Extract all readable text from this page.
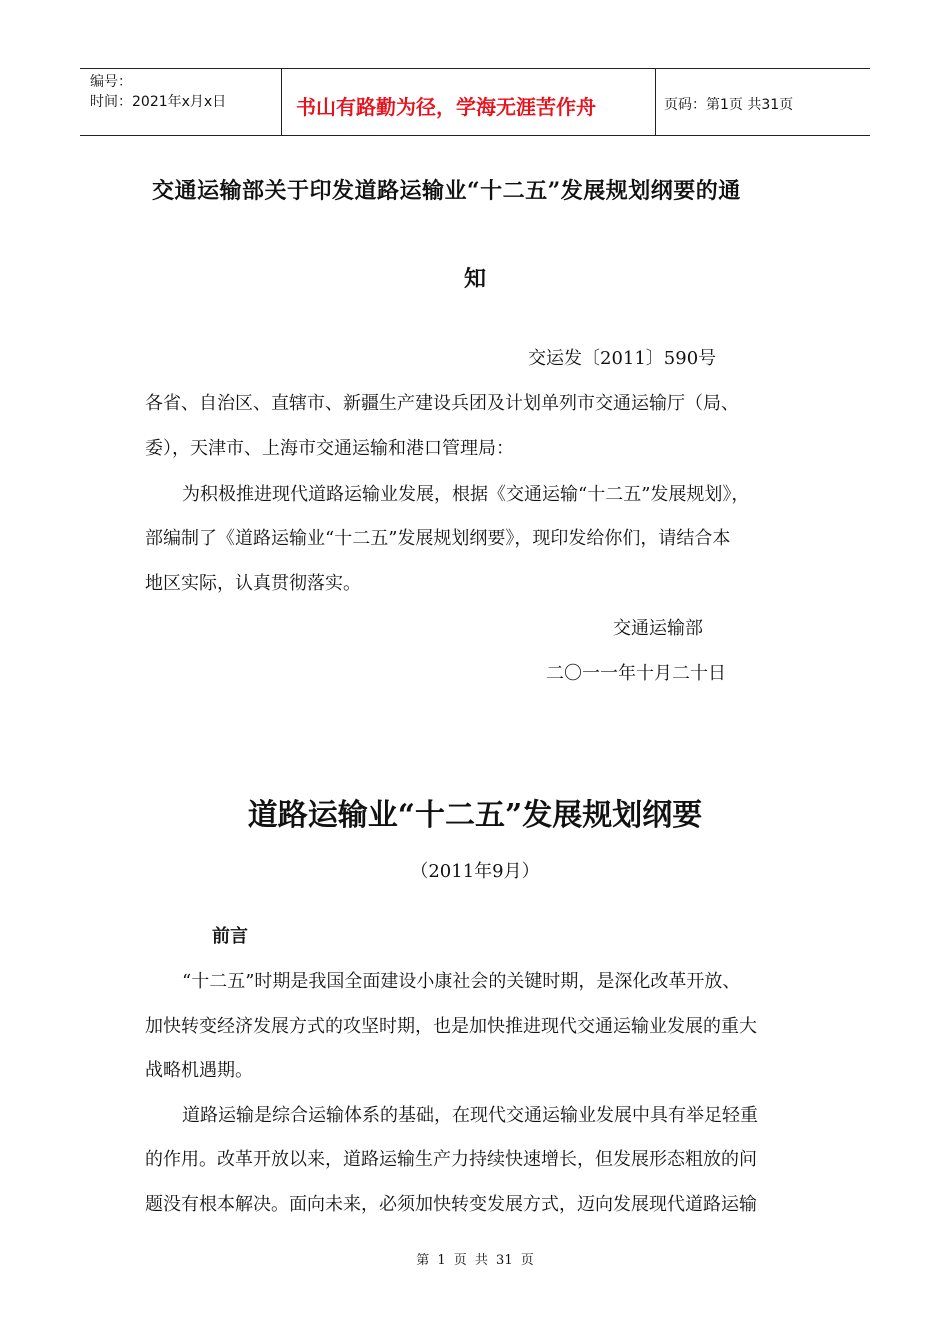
编号：
时间：2021年x月x日	书山有路勤为径，学海无涯苦作舟	页码：第1页 共31页
交通运输部关于印发道路运输业“十二五”发展规划纲要的通
知
交运发〔2011〕590号
各省、自治区、直辖市、新疆生产建设兵团及计划单列市交通运输厅（局、
委），天津市、上海市交通运输和港口管理局：
为积极推进现代道路运输业发展，根据《交通运输“十二五”发展规划》，
部编制了《道路运输业“十二五”发展规划纲要》，现印发给你们，请结合本
地区实际，认真贯彻落实。
交通运输部
二〇一一年十月二十日
道路运输业“十二五”发展规划纲要
（2011年9月）
前言
“十二五”时期是我国全面建设小康社会的关键时期，是深化改革开放、
加快转变经济发展方式的攻坚时期，也是加快推进现代交通运输业发展的重大
战略机遇期。
道路运输是综合运输体系的基础，在现代交通运输业发展中具有举足轻重
的作用。改革开放以来，道路运输生产力持续快速增长，但发展形态粗放的问
题没有根本解决。面向未来，必须加快转变发展方式，迈向发展现代道路运输
第 1 页 共 31 页
